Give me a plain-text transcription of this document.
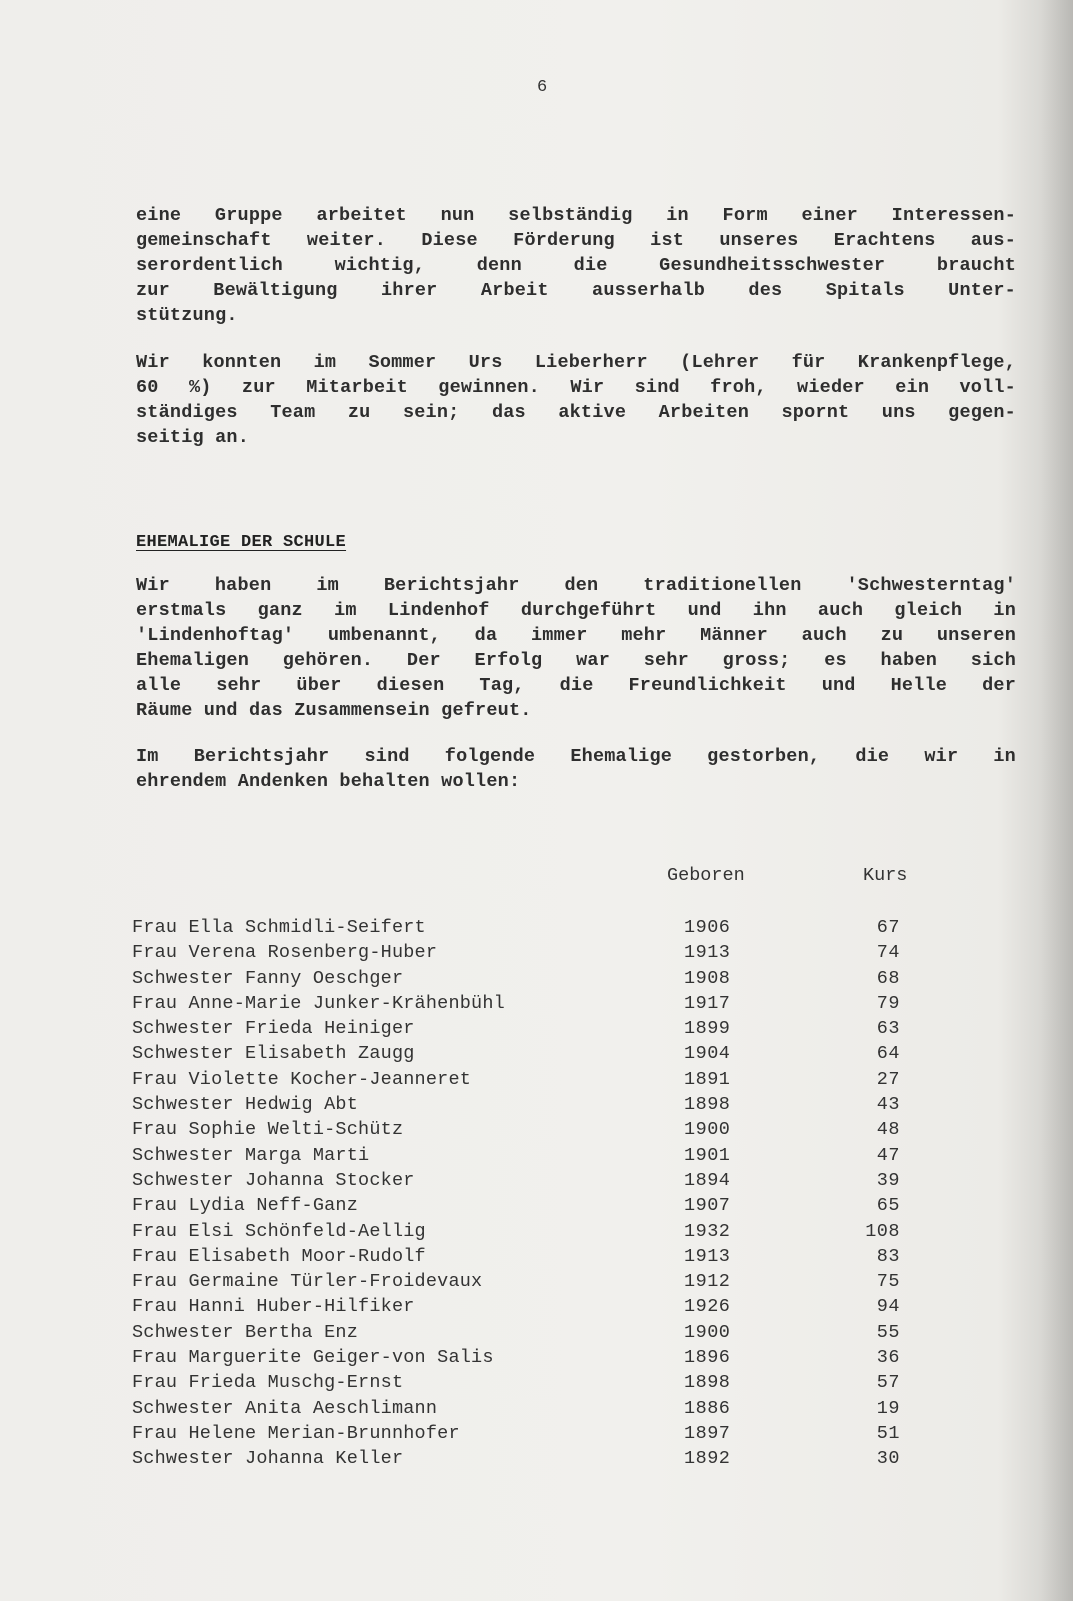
6
eine Gruppe arbeitet nun selbständig in Form einer Interessen-
gemeinschaft weiter. Diese Förderung ist unseres Erachtens aus-
serordentlich wichtig, denn die Gesundheitsschwester braucht
zur Bewältigung ihrer Arbeit ausserhalb des Spitals Unter-
stützung.
Wir konnten im Sommer Urs Lieberherr (Lehrer für Krankenpflege,
60 %) zur Mitarbeit gewinnen. Wir sind froh, wieder ein voll-
ständiges Team zu sein; das aktive Arbeiten spornt uns gegen-
seitig an.
EHEMALIGE DER SCHULE
Wir haben im Berichtsjahr den traditionellen 'Schwesterntag'
erstmals ganz im Lindenhof durchgeführt und ihn auch gleich in
'Lindenhoftag' umbenannt, da immer mehr Männer auch zu unseren
Ehemaligen gehören. Der Erfolg war sehr gross; es haben sich
alle sehr über diesen Tag, die Freundlichkeit und Helle der
Räume und das Zusammensein gefreut.
Im Berichtsjahr sind folgende Ehemalige gestorben, die wir in
ehrendem Andenken behalten wollen:
Geboren	Kurs
Frau Ella Schmidli-Seifert	1906	67
Frau Verena Rosenberg-Huber	1913	74
Schwester Fanny Oeschger	1908	68
Frau Anne-Marie Junker-Krähenbühl	1917	79
Schwester Frieda Heiniger	1899	63
Schwester Elisabeth Zaugg	1904	64
Frau Violette Kocher-Jeanneret	1891	27
Schwester Hedwig Abt	1898	43
Frau Sophie Welti-Schütz	1900	48
Schwester Marga Marti	1901	47
Schwester Johanna Stocker	1894	39
Frau Lydia Neff-Ganz	1907	65
Frau Elsi Schönfeld-Aellig	1932	108
Frau Elisabeth Moor-Rudolf	1913	83
Frau Germaine Türler-Froidevaux	1912	75
Frau Hanni Huber-Hilfiker	1926	94
Schwester Bertha Enz	1900	55
Frau Marguerite Geiger-von Salis	1896	36
Frau Frieda Muschg-Ernst	1898	57
Schwester Anita Aeschlimann	1886	19
Frau Helene Merian-Brunnhofer	1897	51
Schwester Johanna Keller	1892	30
